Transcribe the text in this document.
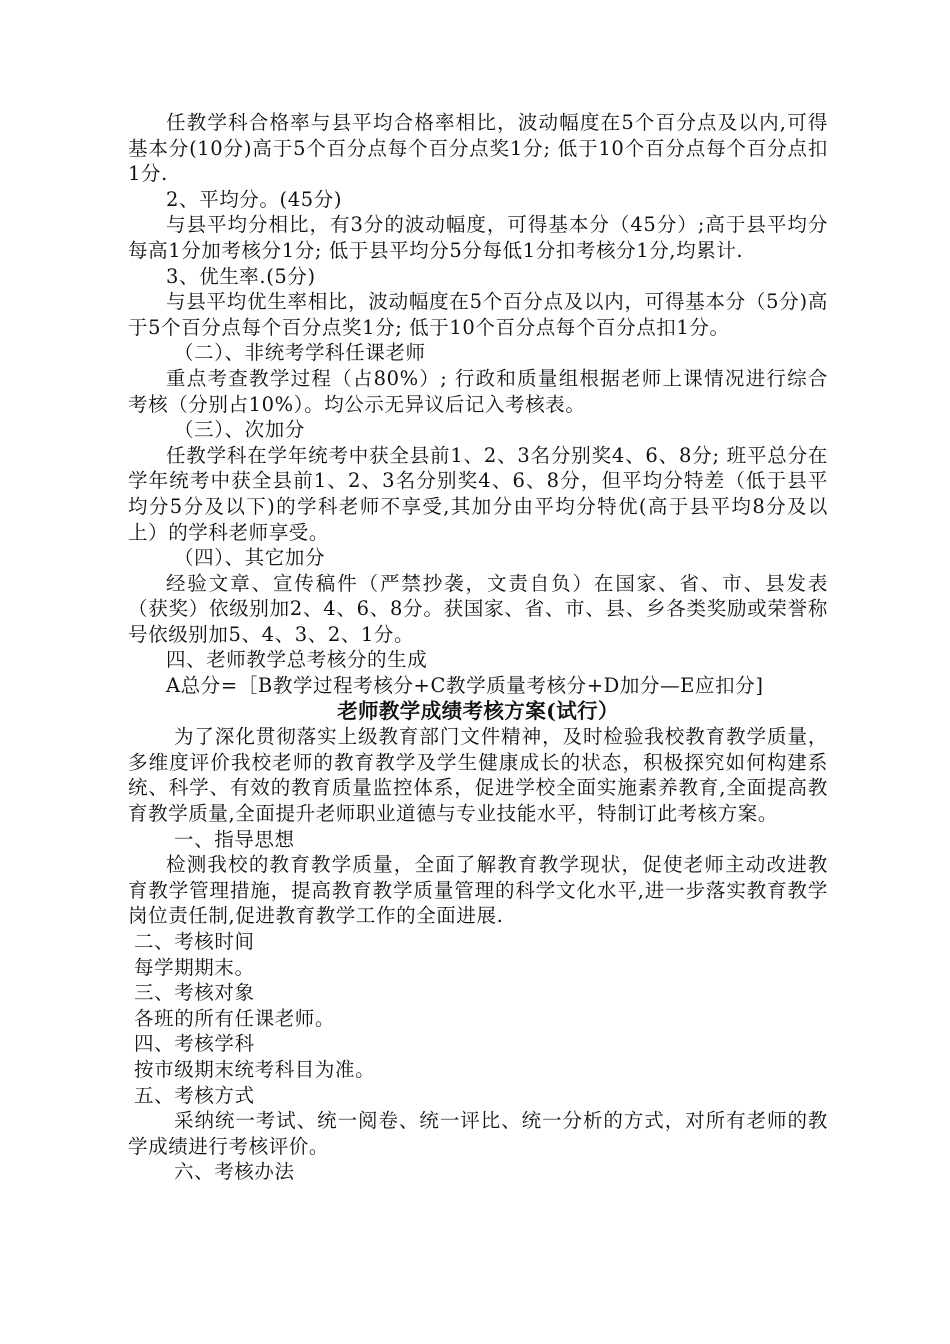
任教学科合格率与县平均合格率相比，波动幅度在5个百分点及以内,可得基本分(10分)高于5个百分点每个百分点奖1分; 低于10个百分点每个百分点扣1分.

2、平均分。(45分)

与县平均分相比，有3分的波动幅度，可得基本分（45分）;高于县平均分每高1分加考核分1分; 低于县平均分5分每低1分扣考核分1分,均累计.

3、优生率.(5分)

与县平均优生率相比，波动幅度在5个百分点及以内，可得基本分（5分)高于5个百分点每个百分点奖1分; 低于10个百分点每个百分点扣1分。

（二）、非统考学科任课老师

重点考查教学过程（占80%）; 行政和质量组根据老师上课情况进行综合考核（分别占10%）。均公示无异议后记入考核表。

（三）、次加分

任教学科在学年统考中获全县前1、2、3名分别奖4、6、8分; 班平总分在学年统考中获全县前1、2、3名分别奖4、6、8分，但平均分特差（低于县平均分5分及以下)的学科老师不享受,其加分由平均分特优(高于县平均8分及以上）的学科老师享受。

（四）、其它加分

经验文章、宣传稿件（严禁抄袭，文责自负）在国家、省、市、县发表（获奖）依级别加2、4、6、8分。获国家、省、市、县、乡各类奖励或荣誉称号依级别加5、4、3、2、1分。

四、老师教学总考核分的生成

A总分=［B教学过程考核分+C教学质量考核分+D加分—E应扣分]

老师教学成绩考核方案(试行）

为了深化贯彻落实上级教育部门文件精神，及时检验我校教育教学质量，多维度评价我校老师的教育教学及学生健康成长的状态，积极探究如何构建系统、科学、有效的教育质量监控体系，促进学校全面实施素养教育,全面提高教育教学质量,全面提升老师职业道德与专业技能水平，特制订此考核方案。

一、指导思想

检测我校的教育教学质量，全面了解教育教学现状，促使老师主动改进教育教学管理措施，提高教育教学质量管理的科学文化水平,进一步落实教育教学岗位责任制,促进教育教学工作的全面进展.

二、考核时间

每学期期末。

三、考核对象

各班的所有任课老师。

四、考核学科

按市级期末统考科目为准。

五、考核方式

采纳统一考试、统一阅卷、统一评比、统一分析的方式，对所有老师的教学成绩进行考核评价。

六、考核办法
